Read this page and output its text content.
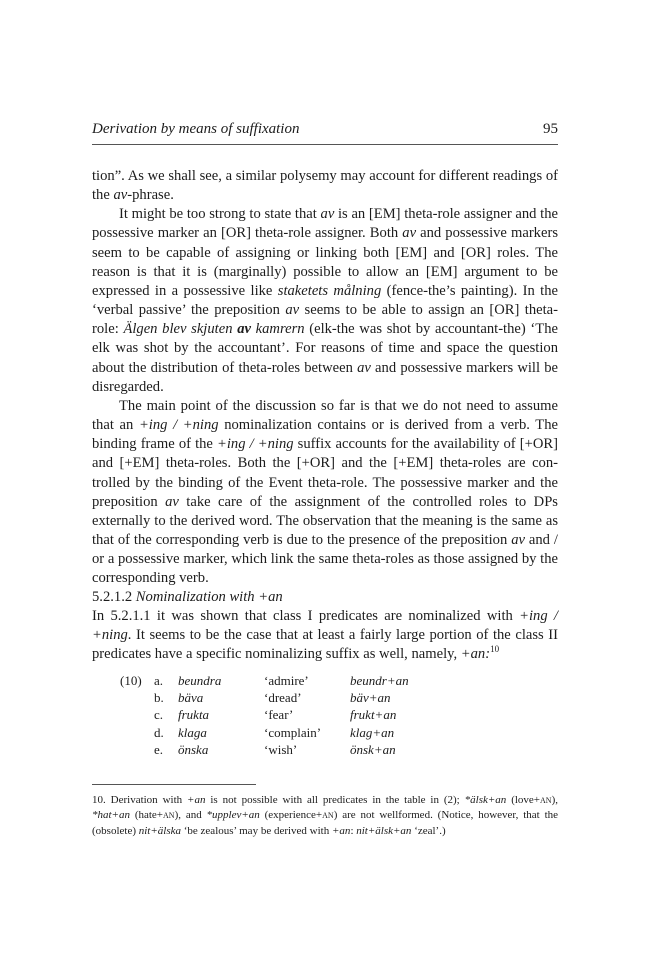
Derivation by means of suffixation	95

tion”. As we shall see, a similar polysemy may account for different readings of the av-phrase.

It might be too strong to state that av is an [EM] theta-role assigner and the possessive marker an [OR] theta-role assigner. Both av and possessive markers seem to be capable of assigning or linking both [EM] and [OR] roles. The reason is that it is (marginally) possible to allow an [EM] argument to be expressed in a possessive like staketets målning (fence-the’s painting). In the ‘verbal passive’ the preposition av seems to be able to assign an [OR] theta-role: Älgen blev skjuten av kamrern (elk-the was shot by accountant-the) ‘The elk was shot by the accountant’. For reasons of time and space the question about the distribution of theta-roles between av and possessive markers will be disregarded.

The main point of the discussion so far is that we do not need to assume that an +ing / +ning nominalization contains or is derived from a verb. The binding frame of the +ing / +ning suffix accounts for the availability of [+OR] and [+EM] theta-roles. Both the [+OR] and the [+EM] theta-roles are con-trolled by the binding of the Event theta-role. The possessive marker and the preposition av take care of the assignment of the controlled roles to DPs externally to the derived word. The observation that the meaning is the same as that of the corresponding verb is due to the presence of the preposition av and / or a possessive marker, which link the same theta-roles as those assigned by the corresponding verb.

5.2.1.2 Nominalization with +an
In 5.2.1.1 it was shown that class I predicates are nominalized with +ing / +ning. It seems to be the case that at least a fairly large portion of the class II predicates have a specific nominalizing suffix as well, namely, +an:$^{10}$
(10)	a.	beundra	‘admire’	beundr+an
	b.	bäva	‘dread’	bäv+an
	c.	frukta	‘fear’	frukt+an
	d.	klaga	‘complain’	klag+an
	e.	önska	‘wish’	önsk+an
10. Derivation with +an is not possible with all predicates in the table in (2); *älsk+an (love+an), *hat+an (hate+an), and *upplev+an (experience+an) are not wellformed. (Notice, however, that the (obsolete) nit+älska ‘be zealous’ may be derived with +an: nit+älsk+an ‘zeal’.)
